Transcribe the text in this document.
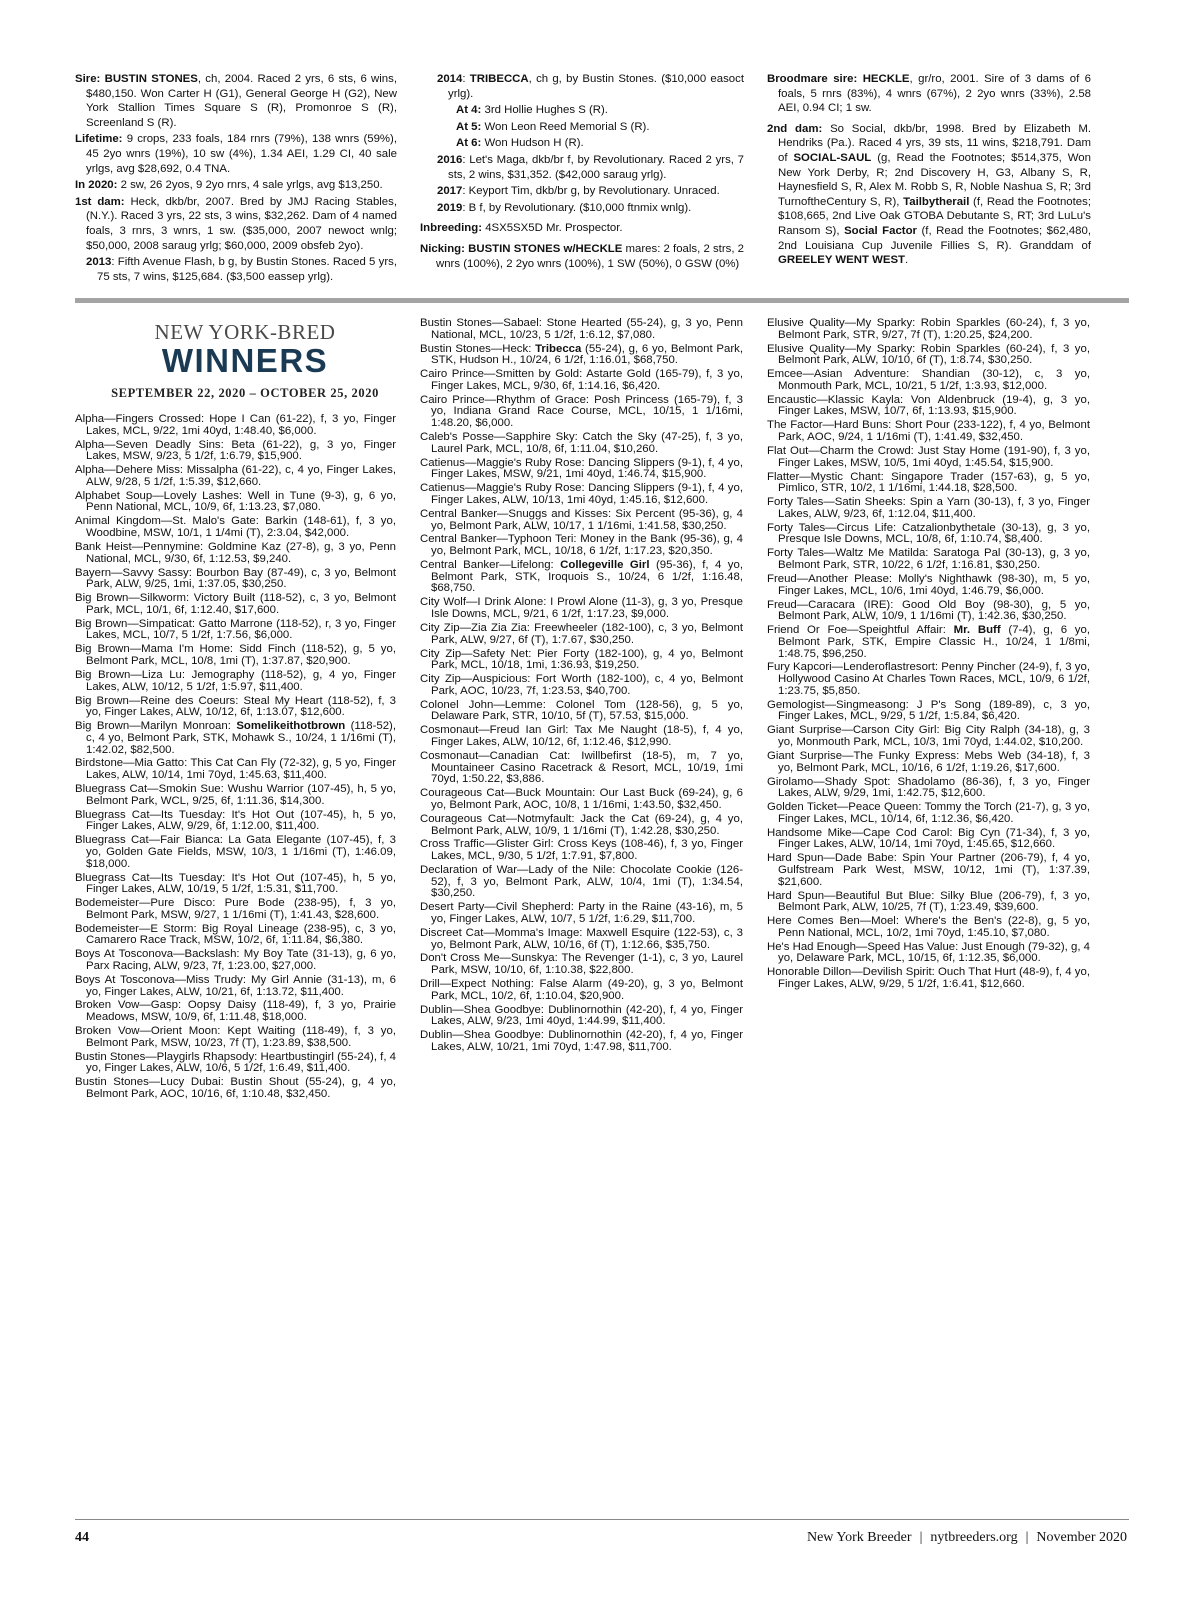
Sire: BUSTIN STONES, ch, 2004. Raced 2 yrs, 6 sts, 6 wins, $480,150. Won Carter H (G1), General George H (G2), New York Stallion Times Square S (R), Promonroe S (R), Screenland S (R).

Lifetime: 9 crops, 233 foals, 184 rnrs (79%), 138 wnrs (59%), 45 2yo wnrs (19%), 10 sw (4%), 1.34 AEI, 1.29 CI, 40 sale yrlgs, avg $28,692, 0.4 TNA.

In 2020: 2 sw, 26 2yos, 9 2yo rnrs, 4 sale yrlgs, avg $13,250.

1st dam: Heck, dkb/br, 2007. Bred by JMJ Racing Stables, (N.Y.). Raced 3 yrs, 22 sts, 3 wins, $32,262. Dam of 4 named foals, 3 rnrs, 3 wnrs, 1 sw. ($35,000, 2007 newoct wnlg; $50,000, 2008 saraug yrlg; $60,000, 2009 obsfeb 2yo).

2013: Fifth Avenue Flash, b g, by Bustin Stones. Raced 5 yrs, 75 sts, 7 wins, $125,684. ($3,500 eassep yrlg).

2014: TRIBECCA, ch g, by Bustin Stones. ($10,000 easoct yrlg).

At 4: 3rd Hollie Hughes S (R).

At 5: Won Leon Reed Memorial S (R).

At 6: Won Hudson H (R).

2016: Let's Maga, dkb/br f, by Revolutionary. Raced 2 yrs, 7 sts, 2 wins, $31,352. ($42,000 saraug yrlg).

2017: Keyport Tim, dkb/br g, by Revolutionary. Unraced.

2019: B f, by Revolutionary. ($10,000 ftnmix wnlg).

Inbreeding: 4SX5SX5D Mr. Prospector.

Nicking: BUSTIN STONES w/HECKLE mares: 2 foals, 2 strs, 2 wnrs (100%), 2 2yo wnrs (100%), 1 SW (50%), 0 GSW (0%)

Broodmare sire: HECKLE, gr/ro, 2001. Sire of 3 dams of 6 foals, 5 rnrs (83%), 4 wnrs (67%), 2 2yo wnrs (33%), 2.58 AEI, 0.94 CI; 1 sw.

2nd dam: So Social, dkb/br, 1998. Bred by Elizabeth M. Hendriks (Pa.). Raced 4 yrs, 39 sts, 11 wins, $218,791. Dam of SOCIAL-SAUL (g, Read the Footnotes; $514,375, Won New York Derby, R; 2nd Discovery H, G3, Albany S, R, Haynesfield S, R, Alex M. Robb S, R, Noble Nashua S, R; 3rd TurnoftheCentury S, R), Tailbytherail (f, Read the Footnotes; $108,665, 2nd Live Oak GTOBA Debutante S, RT; 3rd LuLu's Ransom S), Social Factor (f, Read the Footnotes; $62,480, 2nd Louisiana Cup Juvenile Fillies S, R). Granddam of GREELEY WENT WEST.

NEW YORK-BRED
WINNERS
SEPTEMBER 22, 2020 – OCTOBER 25, 2020

Alpha—Fingers Crossed: Hope I Can (61-22), f, 3 yo, Finger Lakes, MCL, 9/22, 1mi 40yd, 1:48.40, $6,000.

Alpha—Seven Deadly Sins: Beta (61-22), g, 3 yo, Finger Lakes, MSW, 9/23, 5 1/2f, 1:6.79, $15,900.

Alpha—Dehere Miss: Missalpha (61-22), c, 4 yo, Finger Lakes, ALW, 9/28, 5 1/2f, 1:5.39, $12,660.

Alphabet Soup—Lovely Lashes: Well in Tune (9-3), g, 6 yo, Penn National, MCL, 10/9, 6f, 1:13.23, $7,080.

Animal Kingdom—St. Malo's Gate: Barkin (148-61), f, 3 yo, Woodbine, MSW, 10/1, 1 1/4mi (T), 2:3.04, $42,000.

Bank Heist—Pennymine: Goldmine Kaz (27-8), g, 3 yo, Penn National, MCL, 9/30, 6f, 1:12.53, $9,240.

Bayern—Savvy Sassy: Bourbon Bay (87-49), c, 3 yo, Belmont Park, ALW, 9/25, 1mi, 1:37.05, $30,250.

Big Brown—Silkworm: Victory Built (118-52), c, 3 yo, Belmont Park, MCL, 10/1, 6f, 1:12.40, $17,600.

Big Brown—Simpaticat: Gatto Marrone (118-52), r, 3 yo, Finger Lakes, MCL, 10/7, 5 1/2f, 1:7.56, $6,000.

Big Brown—Mama I'm Home: Sidd Finch (118-52), g, 5 yo, Belmont Park, MCL, 10/8, 1mi (T), 1:37.87, $20,900.

Big Brown—Liza Lu: Jemography (118-52), g, 4 yo, Finger Lakes, ALW, 10/12, 5 1/2f, 1:5.97, $11,400.

Big Brown—Reine des Coeurs: Steal My Heart (118-52), f, 3 yo, Finger Lakes, ALW, 10/12, 6f, 1:13.07, $12,600.

Big Brown—Marilyn Monroan: Somelikeithotbrown (118-52), c, 4 yo, Belmont Park, STK, Mohawk S., 10/24, 1 1/16mi (T), 1:42.02, $82,500.

Birdstone—Mia Gatto: This Cat Can Fly (72-32), g, 5 yo, Finger Lakes, ALW, 10/14, 1mi 70yd, 1:45.63, $11,400.

Bluegrass Cat—Smokin Sue: Wushu Warrior (107-45), h, 5 yo, Belmont Park, WCL, 9/25, 6f, 1:11.36, $14,300.

Bluegrass Cat—Its Tuesday: It's Hot Out (107-45), h, 5 yo, Finger Lakes, ALW, 9/29, 6f, 1:12.00, $11,400.

Bluegrass Cat—Fair Bianca: La Gata Elegante (107-45), f, 3 yo, Golden Gate Fields, MSW, 10/3, 1 1/16mi (T), 1:46.09, $18,000.

Bluegrass Cat—Its Tuesday: It's Hot Out (107-45), h, 5 yo, Finger Lakes, ALW, 10/19, 5 1/2f, 1:5.31, $11,700.

Bodemeister—Pure Disco: Pure Bode (238-95), f, 3 yo, Belmont Park, MSW, 9/27, 1 1/16mi (T), 1:41.43, $28,600.

Bodemeister—E Storm: Big Royal Lineage (238-95), c, 3 yo, Camarero Race Track, MSW, 10/2, 6f, 1:11.84, $6,380.

Boys At Tosconova—Backslash: My Boy Tate (31-13), g, 6 yo, Parx Racing, ALW, 9/23, 7f, 1:23.00, $27,000.

Boys At Tosconova—Miss Trudy: My Girl Annie (31-13), m, 6 yo, Finger Lakes, ALW, 10/21, 6f, 1:13.72, $11,400.

Broken Vow—Gasp: Oopsy Daisy (118-49), f, 3 yo, Prairie Meadows, MSW, 10/9, 6f, 1:11.48, $18,000.

Broken Vow—Orient Moon: Kept Waiting (118-49), f, 3 yo, Belmont Park, MSW, 10/23, 7f (T), 1:23.89, $38,500.

Bustin Stones—Playgirls Rhapsody: Heartbustingirl (55-24), f, 4 yo, Finger Lakes, ALW, 10/6, 5 1/2f, 1:6.49, $11,400.

Bustin Stones—Lucy Dubai: Bustin Shout (55-24), g, 4 yo, Belmont Park, AOC, 10/16, 6f, 1:10.48, $32,450.

Bustin Stones—Sabael: Stone Hearted (55-24), g, 3 yo, Penn National, MCL, 10/23, 5 1/2f, 1:6.12, $7,080.

Bustin Stones—Heck: Tribecca (55-24), g, 6 yo, Belmont Park, STK, Hudson H., 10/24, 6 1/2f, 1:16.01, $68,750.

Cairo Prince—Smitten by Gold: Astarte Gold (165-79), f, 3 yo, Finger Lakes, MCL, 9/30, 6f, 1:14.16, $6,420.

Cairo Prince—Rhythm of Grace: Posh Princess (165-79), f, 3 yo, Indiana Grand Race Course, MCL, 10/15, 1 1/16mi, 1:48.20, $6,000.

Caleb's Posse—Sapphire Sky: Catch the Sky (47-25), f, 3 yo, Laurel Park, MCL, 10/8, 6f, 1:11.04, $10,260.

Catienus—Maggie's Ruby Rose: Dancing Slippers (9-1), f, 4 yo, Finger Lakes, MSW, 9/21, 1mi 40yd, 1:46.74, $15,900.

Catienus—Maggie's Ruby Rose: Dancing Slippers (9-1), f, 4 yo, Finger Lakes, ALW, 10/13, 1mi 40yd, 1:45.16, $12,600.

Central Banker—Snuggs and Kisses: Six Percent (95-36), g, 4 yo, Belmont Park, ALW, 10/17, 1 1/16mi, 1:41.58, $30,250.

Central Banker—Typhoon Teri: Money in the Bank (95-36), g, 4 yo, Belmont Park, MCL, 10/18, 6 1/2f, 1:17.23, $20,350.

Central Banker—Lifelong: Collegeville Girl (95-36), f, 4 yo, Belmont Park, STK, Iroquois S., 10/24, 6 1/2f, 1:16.48, $68,750.

City Wolf—I Drink Alone: I Prowl Alone (11-3), g, 3 yo, Presque Isle Downs, MCL, 9/21, 6 1/2f, 1:17.23, $9,000.

City Zip—Zia Zia Zia: Freewheeler (182-100), c, 3 yo, Belmont Park, ALW, 9/27, 6f (T), 1:7.67, $30,250.

City Zip—Safety Net: Pier Forty (182-100), g, 4 yo, Belmont Park, MCL, 10/18, 1mi, 1:36.93, $19,250.

City Zip—Auspicious: Fort Worth (182-100), c, 4 yo, Belmont Park, AOC, 10/23, 7f, 1:23.53, $40,700.

Colonel John—Lemme: Colonel Tom (128-56), g, 5 yo, Delaware Park, STR, 10/10, 5f (T), 57.53, $15,000.

Cosmonaut—Freud Ian Girl: Tax Me Naught (18-5), f, 4 yo, Finger Lakes, ALW, 10/12, 6f, 1:12.46, $12,990.

Cosmonaut—Canadian Cat: Iwillbefirst (18-5), m, 7 yo, Mountaineer Casino Racetrack & Resort, MCL, 10/19, 1mi 70yd, 1:50.22, $3,886.

Courageous Cat—Buck Mountain: Our Last Buck (69-24), g, 6 yo, Belmont Park, AOC, 10/8, 1 1/16mi, 1:43.50, $32,450.

Courageous Cat—Notmyfault: Jack the Cat (69-24), g, 4 yo, Belmont Park, ALW, 10/9, 1 1/16mi (T), 1:42.28, $30,250.

Cross Traffic—Glister Girl: Cross Keys (108-46), f, 3 yo, Finger Lakes, MCL, 9/30, 5 1/2f, 1:7.91, $7,800.

Declaration of War—Lady of the Nile: Chocolate Cookie (126-52), f, 3 yo, Belmont Park, ALW, 10/4, 1mi (T), 1:34.54, $30,250.

Desert Party—Civil Shepherd: Party in the Raine (43-16), m, 5 yo, Finger Lakes, ALW, 10/7, 5 1/2f, 1:6.29, $11,700.

Discreet Cat—Momma's Image: Maxwell Esquire (122-53), c, 3 yo, Belmont Park, ALW, 10/16, 6f (T), 1:12.66, $35,750.

Don't Cross Me—Sunskya: The Revenger (1-1), c, 3 yo, Laurel Park, MSW, 10/10, 6f, 1:10.38, $22,800.

Drill—Expect Nothing: False Alarm (49-20), g, 3 yo, Belmont Park, MCL, 10/2, 6f, 1:10.04, $20,900.

Dublin—Shea Goodbye: Dublinornothin (42-20), f, 4 yo, Finger Lakes, ALW, 9/23, 1mi 40yd, 1:44.99, $11,400.

Dublin—Shea Goodbye: Dublinornothin (42-20), f, 4 yo, Finger Lakes, ALW, 10/21, 1mi 70yd, 1:47.98, $11,700.

Elusive Quality—My Sparky: Robin Sparkles (60-24), f, 3 yo, Belmont Park, STR, 9/27, 7f (T), 1:20.25, $24,200.

Elusive Quality—My Sparky: Robin Sparkles (60-24), f, 3 yo, Belmont Park, ALW, 10/10, 6f (T), 1:8.74, $30,250.

Emcee—Asian Adventure: Shandian (30-12), c, 3 yo, Monmouth Park, MCL, 10/21, 5 1/2f, 1:3.93, $12,000.

Encaustic—Klassic Kayla: Von Aldenbruck (19-4), g, 3 yo, Finger Lakes, MSW, 10/7, 6f, 1:13.93, $15,900.

The Factor—Hard Buns: Short Pour (233-122), f, 4 yo, Belmont Park, AOC, 9/24, 1 1/16mi (T), 1:41.49, $32,450.

Flat Out—Charm the Crowd: Just Stay Home (191-90), f, 3 yo, Finger Lakes, MSW, 10/5, 1mi 40yd, 1:45.54, $15,900.

Flatter—Mystic Chant: Singapore Trader (157-63), g, 5 yo, Pimlico, STR, 10/2, 1 1/16mi, 1:44.18, $28,500.

Forty Tales—Satin Sheeks: Spin a Yarn (30-13), f, 3 yo, Finger Lakes, ALW, 9/23, 6f, 1:12.04, $11,400.

Forty Tales—Circus Life: Catzalionbythetale (30-13), g, 3 yo, Presque Isle Downs, MCL, 10/8, 6f, 1:10.74, $8,400.

Forty Tales—Waltz Me Matilda: Saratoga Pal (30-13), g, 3 yo, Belmont Park, STR, 10/22, 6 1/2f, 1:16.81, $30,250.

Freud—Another Please: Molly's Nighthawk (98-30), m, 5 yo, Finger Lakes, MCL, 10/6, 1mi 40yd, 1:46.79, $6,000.

Freud—Caracara (IRE): Good Old Boy (98-30), g, 5 yo, Belmont Park, ALW, 10/9, 1 1/16mi (T), 1:42.36, $30,250.

Friend Or Foe—Speightful Affair: Mr. Buff (7-4), g, 6 yo, Belmont Park, STK, Empire Classic H., 10/24, 1 1/8mi, 1:48.75, $96,250.

Fury Kapcori—Lenderoflastresort: Penny Pincher (24-9), f, 3 yo, Hollywood Casino At Charles Town Races, MCL, 10/9, 6 1/2f, 1:23.75, $5,850.

Gemologist—Singmeasong: J P's Song (189-89), c, 3 yo, Finger Lakes, MCL, 9/29, 5 1/2f, 1:5.84, $6,420.

Giant Surprise—Carson City Girl: Big City Ralph (34-18), g, 3 yo, Monmouth Park, MCL, 10/3, 1mi 70yd, 1:44.02, $10,200.

Giant Surprise—The Funky Express: Mebs Web (34-18), f, 3 yo, Belmont Park, MCL, 10/16, 6 1/2f, 1:19.26, $17,600.

Girolamo—Shady Spot: Shadolamo (86-36), f, 3 yo, Finger Lakes, ALW, 9/29, 1mi, 1:42.75, $12,600.

Golden Ticket—Peace Queen: Tommy the Torch (21-7), g, 3 yo, Finger Lakes, MCL, 10/14, 6f, 1:12.36, $6,420.

Handsome Mike—Cape Cod Carol: Big Cyn (71-34), f, 3 yo, Finger Lakes, ALW, 10/14, 1mi 70yd, 1:45.65, $12,660.

Hard Spun—Dade Babe: Spin Your Partner (206-79), f, 4 yo, Gulfstream Park West, MSW, 10/12, 1mi (T), 1:37.39, $21,600.

Hard Spun—Beautiful But Blue: Silky Blue (206-79), f, 3 yo, Belmont Park, ALW, 10/25, 7f (T), 1:23.49, $39,600.

Here Comes Ben—Moel: Where's the Ben's (22-8), g, 5 yo, Penn National, MCL, 10/2, 1mi 70yd, 1:45.10, $7,080.

He's Had Enough—Speed Has Value: Just Enough (79-32), g, 4 yo, Delaware Park, MCL, 10/15, 6f, 1:12.35, $6,000.

Honorable Dillon—Devilish Spirit: Ouch That Hurt (48-9), f, 4 yo, Finger Lakes, ALW, 9/29, 5 1/2f, 1:6.41, $12,660.

44	New York Breeder | nytbreeders.org | November 2020
